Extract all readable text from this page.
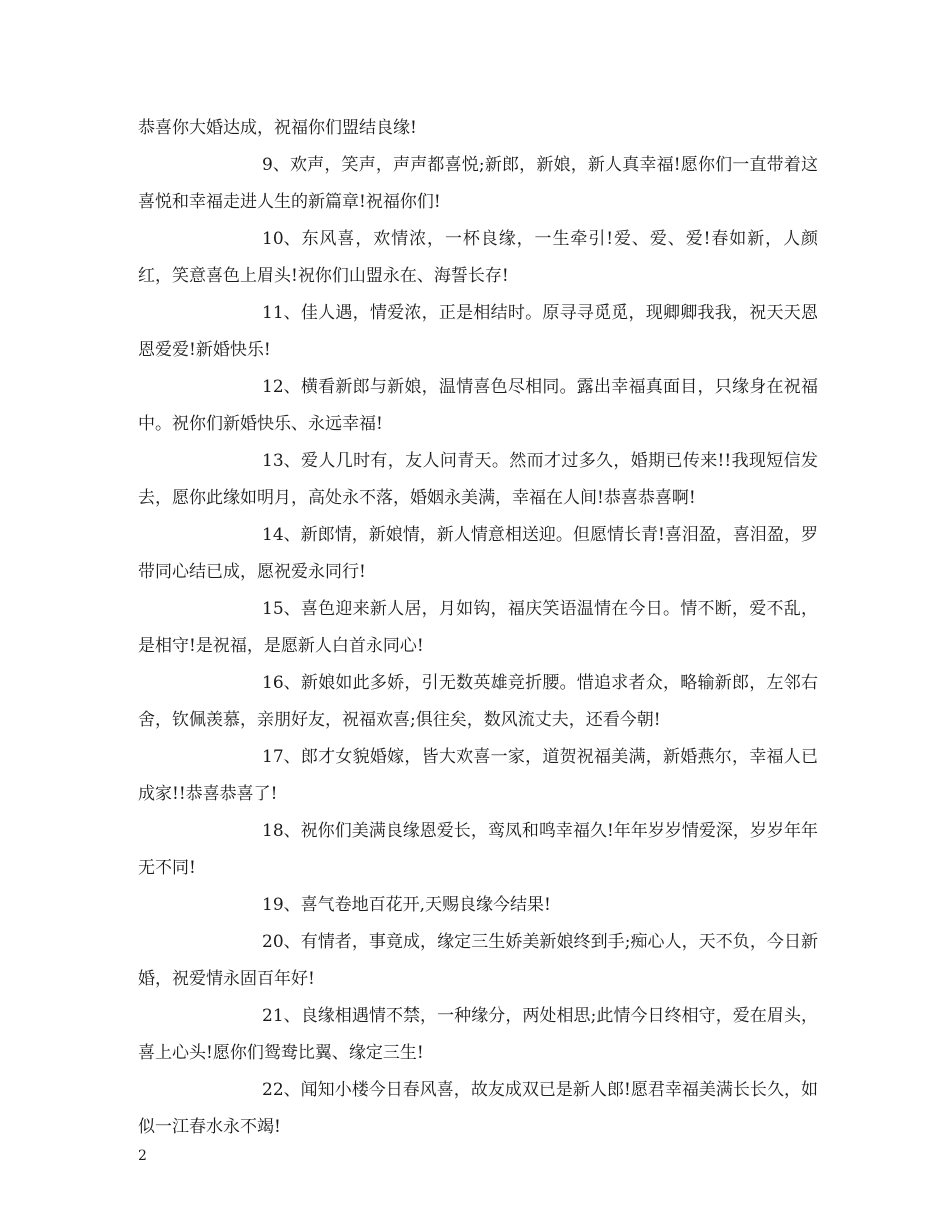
恭喜你大婚达成，祝福你们盟结良缘!

9、欢声，笑声，声声都喜悦;新郎，新娘，新人真幸福!愿你们一直带着这喜悦和幸福走进人生的新篇章!祝福你们!

10、东风喜，欢情浓，一杯良缘，一生牵引!爱、爱、爱!春如新，人颜红，笑意喜色上眉头!祝你们山盟永在、海誓长存!

11、佳人遇，情爱浓，正是相结时。原寻寻觅觅，现卿卿我我，祝天天恩恩爱爱!新婚快乐!

12、横看新郎与新娘，温情喜色尽相同。露出幸福真面目，只缘身在祝福中。祝你们新婚快乐、永远幸福!

13、爱人几时有，友人问青天。然而才过多久，婚期已传来!!我现短信发去，愿你此缘如明月，高处永不落，婚姻永美满，幸福在人间!恭喜恭喜啊!

14、新郎情，新娘情，新人情意相送迎。但愿情长青!喜泪盈，喜泪盈，罗带同心结已成，愿祝爱永同行!

15、喜色迎来新人居，月如钩，福庆笑语温情在今日。情不断，爱不乱，是相守!是祝福，是愿新人白首永同心!

16、新娘如此多娇，引无数英雄竞折腰。惜追求者众，略输新郎，左邻右舍，钦佩羡慕，亲朋好友，祝福欢喜;俱往矣，数风流丈夫，还看今朝!

17、郎才女貌婚嫁，皆大欢喜一家，道贺祝福美满，新婚燕尔，幸福人已成家!!恭喜恭喜了!

18、祝你们美满良缘恩爱长，鸾凤和鸣幸福久!年年岁岁情爱深，岁岁年年无不同!

19、喜气卷地百花开,天赐良缘今结果!

20、有情者，事竟成，缘定三生娇美新娘终到手;痴心人，天不负，今日新婚，祝爱情永固百年好!

21、良缘相遇情不禁，一种缘分，两处相思;此情今日终相守，爱在眉头，喜上心头!愿你们鸳鸯比翼、缘定三生!

22、闻知小楼今日春风喜，故友成双已是新人郎!愿君幸福美满长长久，如似一江春水永不竭!

2
